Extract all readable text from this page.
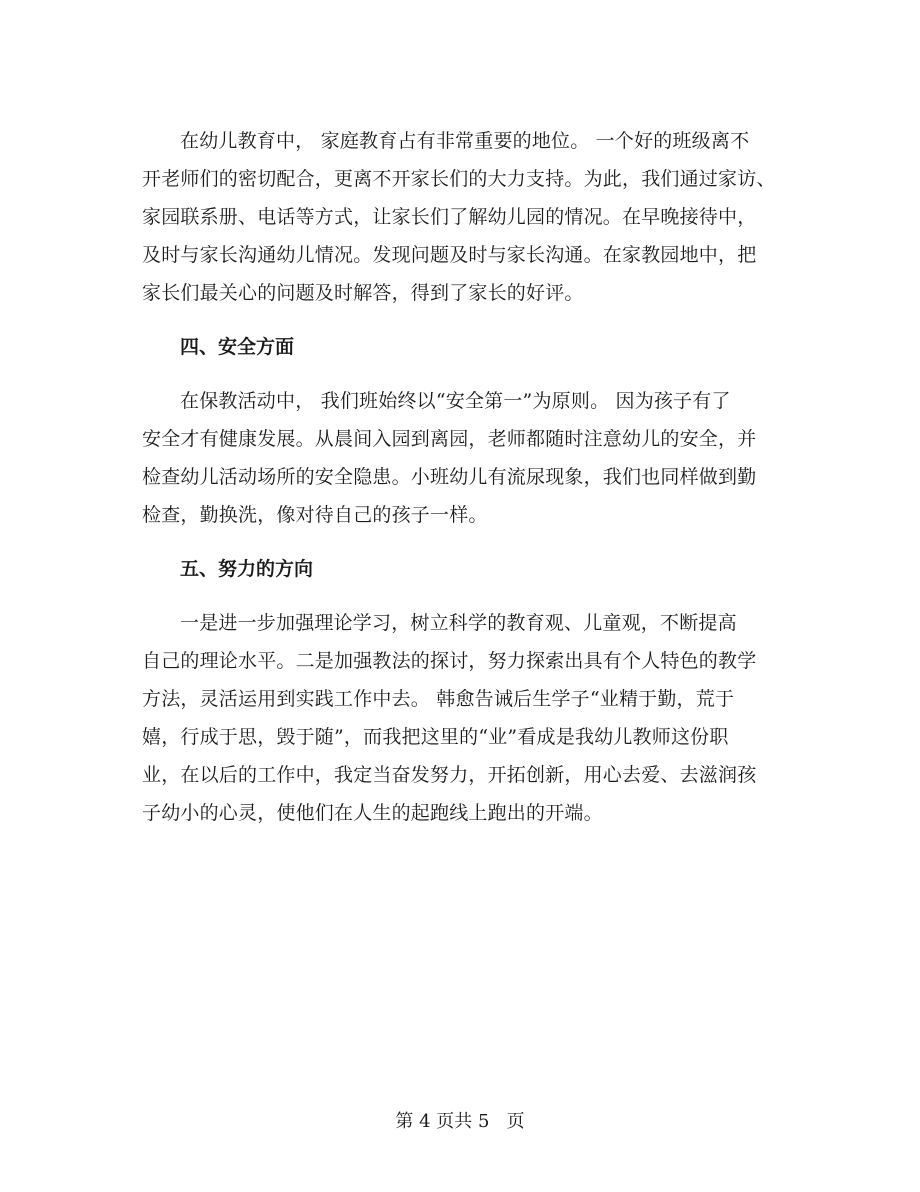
在幼儿教育中， 家庭教育占有非常重要的地位。 一个好的班级离不
开老师们的密切配合，更离不开家长们的大力支持。为此，我们通过家访、
家园联系册、电话等方式，让家长们了解幼儿园的情况。在早晚接待中，
及时与家长沟通幼儿情况。发现问题及时与家长沟通。在家教园地中，把
家长们最关心的问题及时解答，得到了家长的好评。

四、安全方面

在保教活动中， 我们班始终以“安全第一”为原则。 因为孩子有了
安全才有健康发展。从晨间入园到离园，老师都随时注意幼儿的安全，并
检查幼儿活动场所的安全隐患。小班幼儿有流尿现象，我们也同样做到勤
检查，勤换洗，像对待自己的孩子一样。

五、努力的方向

一是进一步加强理论学习，树立科学的教育观、儿童观，不断提高
自己的理论水平。二是加强教法的探讨，努力探索出具有个人特色的教学
方法，灵活运用到实践工作中去。 韩愈告诫后生学子“业精于勤，荒于
嬉，行成于思，毁于随”，而我把这里的“业”看成是我幼儿教师这份职
业，在以后的工作中，我定当奋发努力，开拓创新，用心去爱、去滋润孩
子幼小的心灵，使他们在人生的起跑线上跑出的开端。

第 4 页共 5   页
